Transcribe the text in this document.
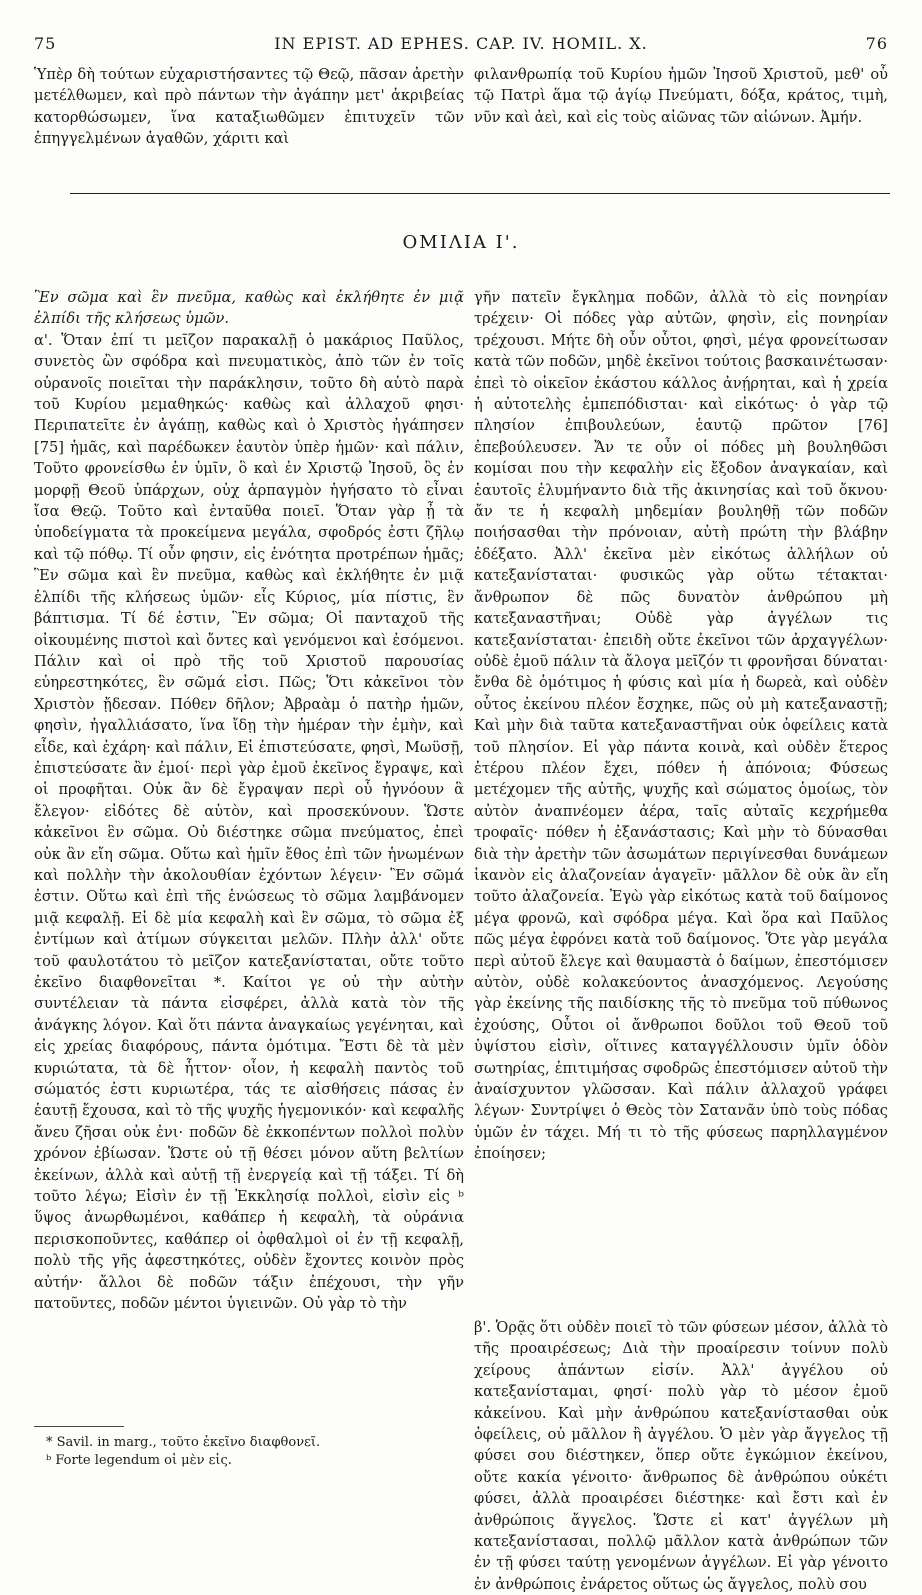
75	IN EPIST. AD EPHES. CAP. IV. HOMIL. X.	76

Ὑπὲρ δὴ τούτων εὐχαριστήσαντες τῷ Θεῷ, πᾶσαν ἀρετὴν μετέλθωμεν, καὶ πρὸ πάντων τὴν ἀγάπην μετ' ἀκριβείας κατορθώσωμεν, ἵνα καταξιωθῶμεν ἐπιτυχεῖν τῶν ἐπηγγελμένων ἀγαθῶν, χάριτι καὶ

φιλανθρωπίᾳ τοῦ Κυρίου ἡμῶν Ἰησοῦ Χριστοῦ, μεθ' οὗ τῷ Πατρὶ ἅμα τῷ ἁγίῳ Πνεύματι, δόξα, κράτος, τιμὴ, νῦν καὶ ἀεὶ, καὶ εἰς τοὺς αἰῶνας τῶν αἰώνων. Ἀμήν.

ΟΜΙΛΙΑ Ι'.

Ἓν σῶμα καὶ ἓν πνεῦμα, καθὼς καὶ ἐκλήθητε ἐν μιᾷ ἐλπίδι τῆς κλήσεως ὑμῶν.

α'. Ὅταν ἐπί τι μεῖζον παρακαλῇ ὁ μακάριος Παῦλος, συνετὸς ὢν σφόδρα καὶ πνευματικὸς, ἀπὸ τῶν ἐν τοῖς οὐρανοῖς ποιεῖται τὴν παράκλησιν, τοῦτο δὴ αὐτὸ παρὰ τοῦ Κυρίου μεμαθηκώς· καθὼς καὶ ἀλλαχοῦ φησι· Περιπατεῖτε ἐν ἀγάπῃ, καθὼς καὶ ὁ Χριστὸς ἠγάπησεν [75] ἡμᾶς, καὶ παρέδωκεν ἑαυτὸν ὑπὲρ ἡμῶν· καὶ πάλιν, Τοῦτο φρονείσθω ἐν ὑμῖν, ὃ καὶ ἐν Χριστῷ Ἰησοῦ, ὃς ἐν μορφῇ Θεοῦ ὑπάρχων, οὐχ ἁρπαγμὸν ἡγήσατο τὸ εἶναι ἴσα Θεῷ. Τοῦτο καὶ ἐνταῦθα ποιεῖ. Ὅταν γὰρ ᾖ τὰ ὑποδείγματα τὰ προκείμενα μεγάλα, σφοδρός ἐστι ζῆλῳ καὶ τῷ πόθῳ. Τί οὖν φησιν, εἰς ἑνότητα προτρέπων ἡμᾶς; Ἓν σῶμα καὶ ἓν πνεῦμα, καθὼς καὶ ἐκλήθητε ἐν μιᾷ ἐλπίδι τῆς κλήσεως ὑμῶν· εἷς Κύριος, μία πίστις, ἓν βάπτισμα. Τί δέ ἐστιν, Ἓν σῶμα; Οἱ πανταχοῦ τῆς οἰκουμένης πιστοὶ καὶ ὄντες καὶ γενόμενοι καὶ ἐσόμενοι. Πάλιν καὶ οἱ πρὸ τῆς τοῦ Χριστοῦ παρουσίας εὐηρεστηκότες, ἓν σῶμά εἰσι. Πῶς; Ὅτι κἀκεῖνοι τὸν Χριστὸν ᾔδεσαν. Πόθεν δῆλον; Ἀβραὰμ ὁ πατὴρ ἡμῶν, φησὶν, ἠγαλλιάσατο, ἵνα ἴδῃ τὴν ἡμέραν τὴν ἐμὴν, καὶ εἶδε, καὶ ἐχάρη· καὶ πάλιν, Εἰ ἐπιστεύσατε, φησὶ, Μωϋσῇ, ἐπιστεύσατε ἂν ἐμοί· περὶ γὰρ ἐμοῦ ἐκεῖνος ἔγραψε, καὶ οἱ προφῆται. Οὐκ ἂν δὲ ἔγραψαν περὶ οὗ ἠγνόουν ἃ ἔλεγον· εἰδότες δὲ αὐτὸν, καὶ προσεκύνουν. Ὥστε κἀκεῖνοι ἓν σῶμα. Οὐ διέστηκε σῶμα πνεύματος, ἐπεὶ οὐκ ἂν εἴη σῶμα. Οὕτω καὶ ἡμῖν ἔθος ἐπὶ τῶν ἡνωμένων καὶ πολλὴν τὴν ἀκολουθίαν ἐχόντων λέγειν· Ἓν σῶμά ἐστιν. Οὕτω καὶ ἐπὶ τῆς ἑνώσεως τὸ σῶμα λαμβάνομεν μιᾷ κεφαλῇ. Εἰ δὲ μία κεφαλὴ καὶ ἓν σῶμα, τὸ σῶμα ἐξ ἐντίμων καὶ ἀτίμων σύγκειται μελῶν. Πλὴν ἀλλ' οὔτε τοῦ φαυλοτάτου τὸ μεῖζον κατεξανίσταται, οὔτε τοῦτο ἐκεῖνο διαφθονεῖται *. Καίτοι γε οὐ τὴν αὐτὴν συντέλειαν τὰ πάντα εἰσφέρει, ἀλλὰ κατὰ τὸν τῆς ἀνάγκης λόγον. Καὶ ὅτι πάντα ἀναγκαίως γεγένηται, καὶ εἰς χρείας διαφόρους, πάντα ὁμότιμα. Ἔστι δὲ τὰ μὲν κυριώτατα, τὰ δὲ ἧττον· οἷον, ἡ κεφαλὴ παντὸς τοῦ σώματός ἐστι κυριωτέρα, τάς τε αἰσθήσεις πάσας ἐν ἑαυτῇ ἔχουσα, καὶ τὸ τῆς ψυχῆς ἡγεμονικόν· καὶ κεφαλῆς ἄνευ ζῆσαι οὐκ ἐνι· ποδῶν δὲ ἐκκοπέντων πολλοὶ πολὺν χρόνον ἐβίωσαν. Ὥστε οὐ τῇ θέσει μόνον αὕτη βελτίων ἐκείνων, ἀλλὰ καὶ αὐτῇ τῇ ἐνεργείᾳ καὶ τῇ τάξει. Τί δὴ τοῦτο λέγω; Εἰσὶν ἐν τῇ Ἐκκλησίᾳ πολλοὶ, εἰσὶν εἰς ᵇ ὕψος ἀνωρθωμένοι, καθάπερ ἡ κεφαλὴ, τὰ οὐράνια περισκοποῦντες, καθάπερ οἱ ὀφθαλμοὶ οἱ ἐν τῇ κεφαλῇ, πολὺ τῆς γῆς ἀφεστηκότες, οὐδὲν ἔχοντες κοινὸν πρὸς αὐτήν· ἄλλοι δὲ ποδῶν τάξιν ἐπέχουσι, τὴν γῆν πατοῦντες, ποδῶν μέντοι ὑγιεινῶν. Οὐ γὰρ τὸ τὴν

γῆν πατεῖν ἔγκλημα ποδῶν, ἀλλὰ τὸ εἰς πονηρίαν τρέχειν· Οἱ πόδες γὰρ αὐτῶν, φησὶν, εἰς πονηρίαν τρέχουσι. Μήτε δὴ οὖν οὗτοι, φησὶ, μέγα φρονείτωσαν κατὰ τῶν ποδῶν, μηδὲ ἐκεῖνοι τούτοις βασκαινέτωσαν· ἐπεὶ τὸ οἰκεῖον ἑκάστου κάλλος ἀνῄρηται, καὶ ἡ χρεία ἡ αὐτοτελὴς ἐμπεπόδισται· καὶ εἰκότως· ὁ γὰρ τῷ πλησίον ἐπιβουλεύων, ἑαυτῷ πρῶτον [76] ἐπεβούλευσεν. Ἄν τε οὖν οἱ πόδες μὴ βουληθῶσι κομίσαι που τὴν κεφαλὴν εἰς ἔξοδον ἀναγκαίαν, καὶ ἑαυτοῖς ἐλυμήναντο διὰ τῆς ἀκινησίας καὶ τοῦ ὄκνου· ἄν τε ἡ κεφαλὴ μηδεμίαν βουληθῇ τῶν ποδῶν ποιήσασθαι τὴν πρόνοιαν, αὐτὴ πρώτη τὴν βλάβην ἐδέξατο. Ἀλλ' ἐκεῖνα μὲν εἰκότως ἀλλήλων οὐ κατεξανίσταται· φυσικῶς γὰρ οὕτω τέτακται· ἄνθρωπον δὲ πῶς δυνατὸν ἀνθρώπου μὴ κατεξαναστῆναι; Οὐδὲ γὰρ ἀγγέλων τις κατεξανίσταται· ἐπειδὴ οὔτε ἐκεῖνοι τῶν ἀρχαγγέλων· οὐδὲ ἐμοῦ πάλιν τὰ ἄλογα μεῖζόν τι φρονῆσαι δύναται· ἔνθα δὲ ὁμότιμος ἡ φύσις καὶ μία ἡ δωρεὰ, καὶ οὐδὲν οὗτος ἐκείνου πλέον ἔσχηκε, πῶς οὐ μὴ κατεξαναστῇ; Καὶ μὴν διὰ ταῦτα κατεξαναστῆναι οὐκ ὀφείλεις κατὰ τοῦ πλησίον. Εἰ γὰρ πάντα κοινὰ, καὶ οὐδὲν ἕτερος ἑτέρου πλέον ἔχει, πόθεν ἡ ἀπόνοια; Φύσεως μετέχομεν τῆς αὐτῆς, ψυχῆς καὶ σώματος ὁμοίως, τὸν αὐτὸν ἀναπνέομεν ἀέρα, ταῖς αὐταῖς κεχρήμεθα τροφαῖς· πόθεν ἡ ἐξανάστασις; Καὶ μὴν τὸ δύνασθαι διὰ τὴν ἀρετὴν τῶν ἀσωμάτων περιγίνεσθαι δυνάμεων ἱκανὸν εἰς ἀλαζονείαν ἀγαγεῖν· μᾶλλον δὲ οὐκ ἂν εἴη τοῦτο ἀλαζονεία. Ἐγὼ γὰρ εἰκότως κατὰ τοῦ δαίμονος μέγα φρονῶ, καὶ σφόδρα μέγα. Καὶ ὅρα καὶ Παῦλος πῶς μέγα ἐφρόνει κατὰ τοῦ δαίμονος. Ὅτε γὰρ μεγάλα περὶ αὐτοῦ ἔλεγε καὶ θαυμαστὰ ὁ δαίμων, ἐπεστόμισεν αὐτὸν, οὐδὲ κολακεύοντος ἀνασχόμενος. Λεγούσης γὰρ ἐκείνης τῆς παιδίσκης τῆς τὸ πνεῦμα τοῦ πύθωνος ἐχούσης, Οὗτοι οἱ ἄνθρωποι δοῦλοι τοῦ Θεοῦ τοῦ ὑψίστου εἰσὶν, οἵτινες καταγγέλλουσιν ὑμῖν ὁδὸν σωτηρίας, ἐπιτιμήσας σφοδρῶς ἐπεστόμισεν αὐτοῦ τὴν ἀναίσχυντον γλῶσσαν. Καὶ πάλιν ἀλλαχοῦ γράφει λέγων· Συντρίψει ὁ Θεὸς τὸν Σατανᾶν ὑπὸ τοὺς πόδας ὑμῶν ἐν τάχει. Μή τι τὸ τῆς φύσεως παρηλλαγμένον ἐποίησεν;

β'. Ὁρᾷς ὅτι οὐδὲν ποιεῖ τὸ τῶν φύσεων μέσον, ἀλλὰ τὸ τῆς προαιρέσεως; Διὰ τὴν προαίρεσιν τοίνυν πολὺ χείρους ἁπάντων εἰσίν. Ἀλλ' ἀγγέλου οὐ κατεξανίσταμαι, φησί· πολὺ γὰρ τὸ μέσον ἐμοῦ κἀκείνου. Καὶ μὴν ἀνθρώπου κατεξανίστασθαι οὐκ ὀφείλεις, οὐ μᾶλλον ἢ ἀγγέλου. Ὁ μὲν γὰρ ἄγγελος τῇ φύσει σου διέστηκεν, ὅπερ οὔτε ἐγκώμιον ἐκείνου, οὔτε κακία γένοιτο· ἄνθρωπος δὲ ἀνθρώπου οὐκέτι φύσει, ἀλλὰ προαιρέσει διέστηκε· καὶ ἔστι καὶ ἐν ἀνθρώποις ἄγγελος. Ὥστε εἰ κατ' ἀγγέλων μὴ κατεξανίστασαι, πολλῷ μᾶλλον κατὰ ἀνθρώπων τῶν ἐν τῇ φύσει ταύτῃ γενομένων ἀγγέλων. Εἰ γὰρ γένοιτο ἐν ἀνθρώποις ἐνάρετος οὕτως ὡς ἄγγελος, πολὺ σου

* Savil. in marg., τοῦτο ἐκεῖνο διαφθονεῖ.
ᵇ Forte legendum οἱ μὲν εἰς.
